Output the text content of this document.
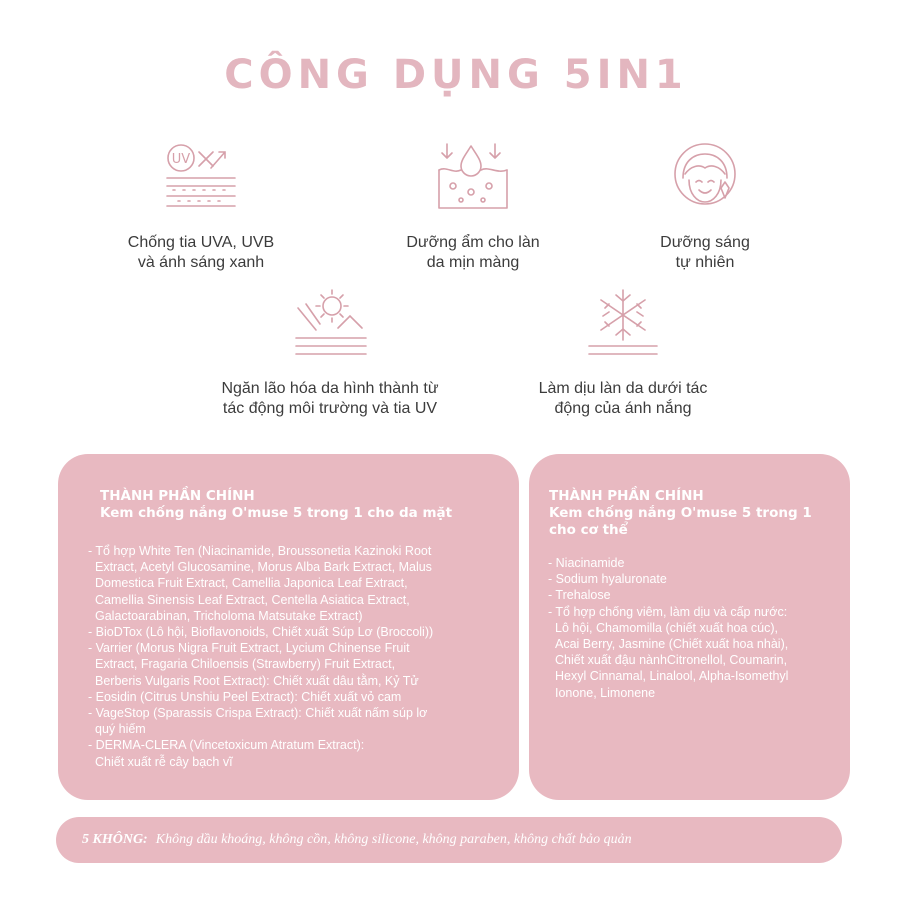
CÔNG DỤNG 5IN1
UV
Chống tia UVA, UVB
và ánh sáng xanh
Dưỡng ẩm cho làn
da mịn màng
Dưỡng sáng
tự nhiên
Ngăn lão hóa da hình thành từ
tác động môi trường và tia UV
Làm dịu làn da dưới tác
động của ánh nắng
THÀNH PHẦN CHÍNH
Kem chống nắng O'muse 5 trong 1 cho da mặt
- Tổ hợp White Ten (Niacinamide, Broussonetia Kazinoki Root
Extract, Acetyl Glucosamine, Morus Alba Bark Extract, Malus
Domestica Fruit Extract, Camellia Japonica Leaf Extract,
Camellia Sinensis Leaf Extract, Centella Asiatica Extract,
Galactoarabinan, Tricholoma Matsutake Extract)
- BioDTox (Lô hội, Bioflavonoids, Chiết xuất Súp Lơ (Broccoli))
- Varrier (Morus Nigra Fruit Extract, Lycium Chinense Fruit
Extract, Fragaria Chiloensis (Strawberry) Fruit Extract,
Berberis Vulgaris Root Extract): Chiết xuất dâu tằm, Kỷ Tử
- Eosidin (Citrus Unshiu Peel Extract): Chiết xuất vỏ cam
- VageStop (Sparassis Crispa Extract): Chiết xuất nấm súp lơ
quý hiếm
- DERMA-CLERA (Vincetoxicum Atratum Extract):
Chiết xuất rễ cây bạch vĩ
THÀNH PHẦN CHÍNH
Kem chống nắng O'muse 5 trong 1
cho cơ thể
- Niacinamide
- Sodium hyaluronate
- Trehalose
- Tổ hợp chống viêm, làm dịu và cấp nước:
Lô hội, Chamomilla (chiết xuất hoa cúc),
Acai Berry, Jasmine (Chiết xuất hoa nhài),
Chiết xuất đậu nànhCitronellol, Coumarin,
Hexyl Cinnamal, Linalool, Alpha-Isomethyl
Ionone, Limonene
5 KHÔNG: Không dầu khoáng, không cồn, không silicone, không paraben, không chất bảo quản
